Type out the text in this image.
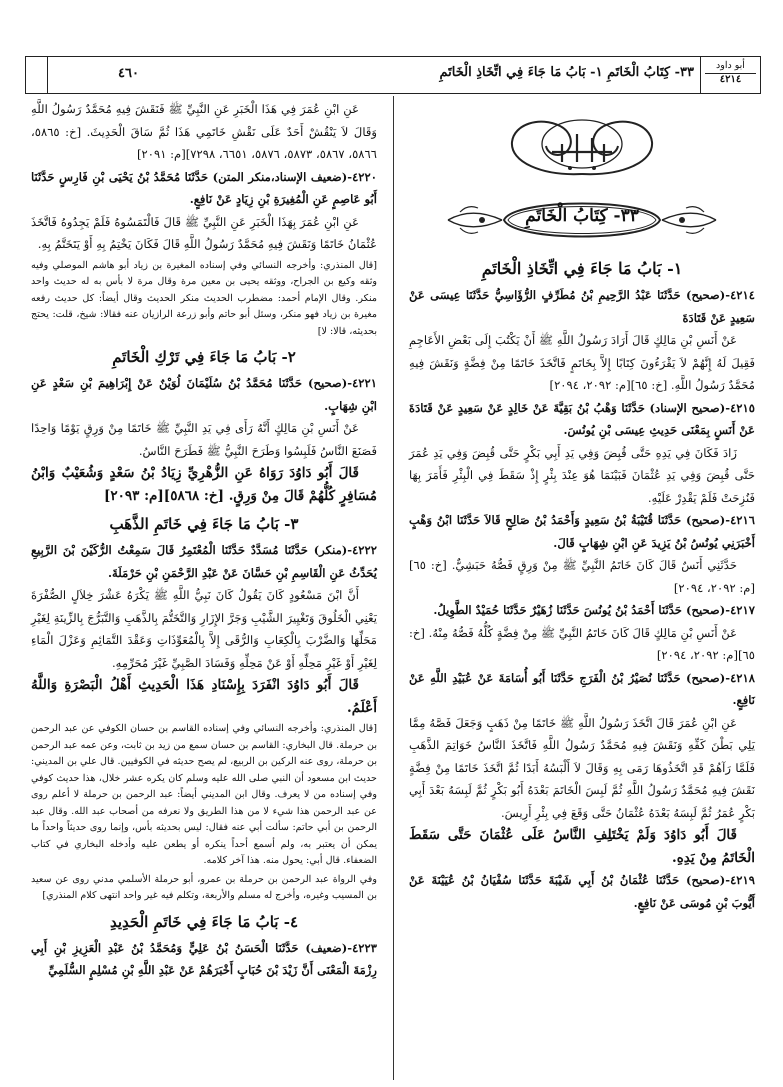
٤٦٠	٣٣- كِتَابُ الْخَاتَمِ ١- بَابُ مَا جَاءَ فِي اتِّخَاذِ الْخَاتَمِ	أبو داود
٤٢١٤
٣٣- كِتَابُ الْخَاتَمِ
١- بَابُ مَا جَاءَ فِي اتِّخَاذِ الْخَاتَمِ

٤٢١٤-(صحيح) حَدَّثَنَا عَبْدُ الرَّحِيمِ بْنُ مُطَرِّفٍ الرُّؤَاسِيُّ حَدَّثَنَا عِيسَى عَنْ سَعِيدٍ عَنْ قَتَادَةَ

عَنْ أَنَسِ بْنِ مَالِكٍ قَالَ أَرَادَ رَسُولُ اللَّهِ ﷺ أَنْ يَكْتُبَ إِلَى بَعْضِ الأَعَاجِمِ فَقِيلَ لَهُ إِنَّهُمْ لاَ يَقْرَءُونَ كِتَابًا إِلاَّ بِخَاتَمٍ فَاتَّخَذَ خَاتَمًا مِنْ فِضَّةٍ وَنَقَشَ فِيهِ مُحَمَّدٌ رَسُولُ اللَّهِ. [خ: ٦٥][م: ٢٠٩٢، ٢٠٩٤]

٤٢١٥-(صحيح الإسناد) حَدَّثَنَا وَهْبُ بْنُ بَقِيَّةَ عَنْ خَالِدٍ عَنْ سَعِيدٍ عَنْ قَتَادَةَ عَنْ أَنَسٍ بِمَعْنَى حَدِيثِ عِيسَى بْنِ يُونُسَ.

زَادَ فَكَانَ فِي يَدِهِ حَتَّى قُبِضَ وَفِي يَدِ أَبِي بَكْرٍ حَتَّى قُبِضَ وَفِي يَدِ عُمَرَ حَتَّى قُبِضَ وَفِي يَدِ عُثْمَانَ فَبَيْنَمَا هُوَ عِنْدَ بِئْرٍ إِذْ سَقَطَ فِي الْبِئْرِ فَأَمَرَ بِهَا فَنُزِحَتْ فَلَمْ يَقْدِرْ عَلَيْهِ.

٤٢١٦-(صحيح) حَدَّثَنَا قُتَيْبَةُ بْنُ سَعِيدٍ وَأَحْمَدُ بْنُ صَالِحٍ قَالاَ حَدَّثَنَا ابْنُ وَهْبٍ أَخْبَرَنِي يُونُسُ بْنُ يَزِيدَ عَنِ ابْنِ شِهَابٍ قَالَ.

حَدَّثَنِي أَنَسٌ قَالَ كَانَ خَاتَمُ النَّبِيِّ ﷺ مِنْ وَرِقٍ فَصُّهُ حَبَشِيٌّ. [خ: ٦٥][م: ٢٠٩٢، ٢٠٩٤]

٤٢١٧-(صحيح) حَدَّثَنَا أَحْمَدُ بْنُ يُونُسَ حَدَّثَنَا زُهَيْرٌ حَدَّثَنَا حُمَيْدٌ الطَّوِيلُ.

عَنْ أَنَسِ بْنِ مَالِكٍ قَالَ كَانَ خَاتَمُ النَّبِيِّ ﷺ مِنْ فِضَّةٍ كُلُّهُ فَصُّهُ مِنْهُ. [خ: ٦٥][م: ٢٠٩٢، ٢٠٩٤]

٤٢١٨-(صحيح) حَدَّثَنَا نُصَيْرُ بْنُ الْفَرَجِ حَدَّثَنَا أَبُو أُسَامَةَ عَنْ عُبَيْدِ اللَّهِ عَنْ نَافِعٍ.

عَنِ ابْنِ عُمَرَ قَالَ اتَّخَذَ رَسُولُ اللَّهِ ﷺ خَاتَمًا مِنْ ذَهَبٍ وَجَعَلَ فَصَّهُ مِمَّا يَلِي بَطْنَ كَفِّهِ وَنَقَشَ فِيهِ مُحَمَّدٌ رَسُولُ اللَّهِ فَاتَّخَذَ النَّاسُ خَوَاتِمَ الذَّهَبِ فَلَمَّا رَآهُمْ قَدِ اتَّخَذُوهَا رَمَى بِهِ وَقَالَ لاَ أَلْبَسُهُ أَبَدًا ثُمَّ اتَّخَذَ خَاتَمًا مِنْ فِضَّةٍ نَقَشَ فِيهِ مُحَمَّدٌ رَسُولُ اللَّهِ ثُمَّ لَبِسَ الْخَاتَمَ بَعْدَهُ أَبُو بَكْرٍ ثُمَّ لَبِسَهُ بَعْدَ أَبِي بَكْرٍ عُمَرُ ثُمَّ لَبِسَهُ بَعْدَهُ عُثْمَانُ حَتَّى وَقَعَ فِي بِئْرِ أَرِيسَ.

قَالَ أَبُو دَاوُدَ وَلَمْ يَخْتَلِفِ النَّاسُ عَلَى عُثْمَانَ حَتَّى سَقَطَ الْخَاتَمُ مِنْ يَدِهِ.

٤٢١٩-(صحيح) حَدَّثَنَا عُثْمَانُ بْنُ أَبِي شَيْبَةَ حَدَّثَنَا سُفْيَانُ بْنُ عُيَيْنَةَ عَنْ أَيُّوبَ بْنِ مُوسَى عَنْ نَافِعٍ.

عَنِ ابْنِ عُمَرَ فِي هَذَا الْخَبَرِ عَنِ النَّبِيِّ ﷺ فَنَقَشَ فِيهِ مُحَمَّدٌ رَسُولُ اللَّهِ وَقَالَ لاَ يَنْقُشْ أَحَدٌ عَلَى نَقْشِ خَاتَمِي هَذَا ثُمَّ سَاقَ الْحَدِيثَ. [خ: ٥٨٦٥، ٥٨٦٦، ٥٨٦٧، ٥٨٧٣، ٥٨٧٦، ٦٦٥١، ٧٢٩٨][م: ٢٠٩١]

٤٢٢٠-(ضعيف الإسناد،منكر المتن) حَدَّثَنَا مُحَمَّدُ بْنُ يَحْيَى بْنِ فَارِسٍ حَدَّثَنَا أَبُو عَاصِمٍ عَنِ الْمُغِيرَةِ بْنِ زِيَادٍ عَنْ نَافِعٍ.

عَنِ ابْنِ عُمَرَ بِهَذَا الْخَبَرِ عَنِ النَّبِيِّ ﷺ قَالَ فَالْتَمَسُوهُ فَلَمْ يَجِدُوهُ فَاتَّخَذَ عُثْمَانُ خَاتَمًا وَنَقَشَ فِيهِ مُحَمَّدٌ رَسُولُ اللَّهِ قَالَ فَكَانَ يَخْتِمُ بِهِ أَوْ يَتَخَتَّمُ بِهِ.

[قال المنذري: وأخرجه النسائي وفي إسناده المغيرة بن زياد أبو هاشم الموصلي وفيه وثقه وكيع بن الجراح، ووثقه يحيى بن معين مرة وقال مرة لا بأس به له حديث واحد منكر. وقال الإمام أحمد: مضطرب الحديث منكر الحديث وقال أيضاً: كل حديث رفعه مغيرة بن زياد فهو منكر، وسئل أبو حاتم وأبو زرعة الرازيان عنه فقالا: شيخ، قلت: يحتج بحديثه، قالا: لا]

٢- بَابُ مَا جَاءَ فِي تَرْكِ الْخَاتَمِ

٤٢٢١-(صحيح) حَدَّثَنَا مُحَمَّدُ بْنُ سُلَيْمَانَ لُوَيْنٌ عَنْ إِبْرَاهِيمَ بْنِ سَعْدٍ عَنِ ابْنِ شِهَابٍ.

عَنْ أَنَسِ بْنِ مَالِكٍ أَنَّهُ رَأَى فِي يَدِ النَّبِيِّ ﷺ خَاتَمًا مِنْ وَرِقٍ يَوْمًا وَاحِدًا فَصَنَعَ النَّاسُ فَلَبِسُوا وَطَرَحَ النَّبِيُّ ﷺ فَطَرَحَ النَّاسُ.

قَالَ أَبُو دَاوُدَ رَوَاهُ عَنِ الزُّهْرِيِّ زِيَادُ بْنُ سَعْدٍ وَشُعَيْبٌ وَابْنُ مُسَافِرٍ كُلُّهُمْ قَالَ مِنْ وَرِقٍ. [خ: ٥٨٦٨][م: ٢٠٩٣]

٣- بَابُ مَا جَاءَ فِي خَاتَمِ الذَّهَبِ

٤٢٢٢-(منكر) حَدَّثَنَا مُسَدَّدٌ حَدَّثَنَا الْمُعْتَمِرُ قَالَ سَمِعْتُ الرُّكَيْنَ بْنَ الرَّبِيعِ يُحَدِّثُ عَنِ الْقَاسِمِ بْنِ حَسَّانَ عَنْ عَبْدِ الرَّحْمَنِ بْنِ حَرْمَلَةَ.

أَنَّ ابْنَ مَسْعُودٍ كَانَ يَقُولُ كَانَ نَبِيُّ اللَّهِ ﷺ يَكْرَهُ عَشْرَ خِلاَلٍ الصُّفْرَةَ يَعْنِي الْخَلُوقَ وَتَغْيِيرَ الشَّيْبِ وَجَرَّ الإِزَارِ وَالتَّخَتُّمَ بِالذَّهَبِ وَالتَّبَرُّجَ بِالزِّينَةِ لِغَيْرِ مَحَلِّهَا وَالضَّرْبَ بِالْكِعَابِ وَالرُّقَى إِلاَّ بِالْمُعَوِّذَاتِ وَعَقْدَ التَّمَائِمِ وَعَزْلَ الْمَاءِ لِغَيْرِ أَوْ غَيْرِ مَحِلِّهِ أَوْ عَنْ مَحِلِّهِ وَفَسَادَ الصَّبِيِّ غَيْرَ مُحَرِّمِهِ.

قَالَ أَبُو دَاوُدَ انْفَرَدَ بِإِسْنَادِ هَذَا الْحَدِيثِ أَهْلُ الْبَصْرَةِ وَاللَّهُ أَعْلَمُ.

[قال المنذري: وأخرجه النسائي وفي إسناده القاسم بن حسان الكوفي عن عبد الرحمن بن حرملة. قال البخاري: القاسم بن حسان سمع من زيد بن ثابت، وعن عمه عبد الرحمن بن حرملة، روى عنه الركين بن الربيع، لم يصح حديثه في الكوفيين. قال علي بن المديني: حديث ابن مسعود أن النبي صلى الله عليه وسلم كان يكره عشر خلال، هذا حديث كوفي وفي إسناده من لا يعرف. وقال ابن المديني أيضاً: عبد الرحمن بن حرملة لا أعلم روى عن عبد الرحمن هذا شيء لا من هذا الطريق ولا نعرفه من أصحاب عبد الله. وقال عبد الرحمن بن أبي حاتم: سألت أبي عنه فقال: ليس بحديثه بأس، وإنما روى حديثاً واحداً ما يمكن أن يعتبر به، ولم أسمع أحداً ينكره أو يطعن عليه وأدخله البخاري في كتاب الضعفاء. قال أبي: يحول منه. هذا آخر كلامه.

وفي الرواة عبد الرحمن بن حرملة بن عمرو، أبو حرملة الأسلمي مدني روى عن سعيد بن المسيب وغيره، وأخرج له مسلم والأربعة، وتكلم فيه غير واحد انتهى كلام المنذري]

٤- بَابُ مَا جَاءَ فِي خَاتَمِ الْحَدِيدِ

٤٢٢٣-(ضعيف) حَدَّثَنَا الْحَسَنُ بْنُ عَلِيٍّ وَمُحَمَّدُ بْنُ عَبْدِ الْعَزِيزِ بْنِ أَبِي رِزْمَةَ الْمَعْنَى أَنَّ زَيْدَ بْنَ حُبَابٍ أَخْبَرَهُمْ عَنْ عَبْدِ اللَّهِ بْنِ مُسْلِمٍ السُّلَمِيِّ
